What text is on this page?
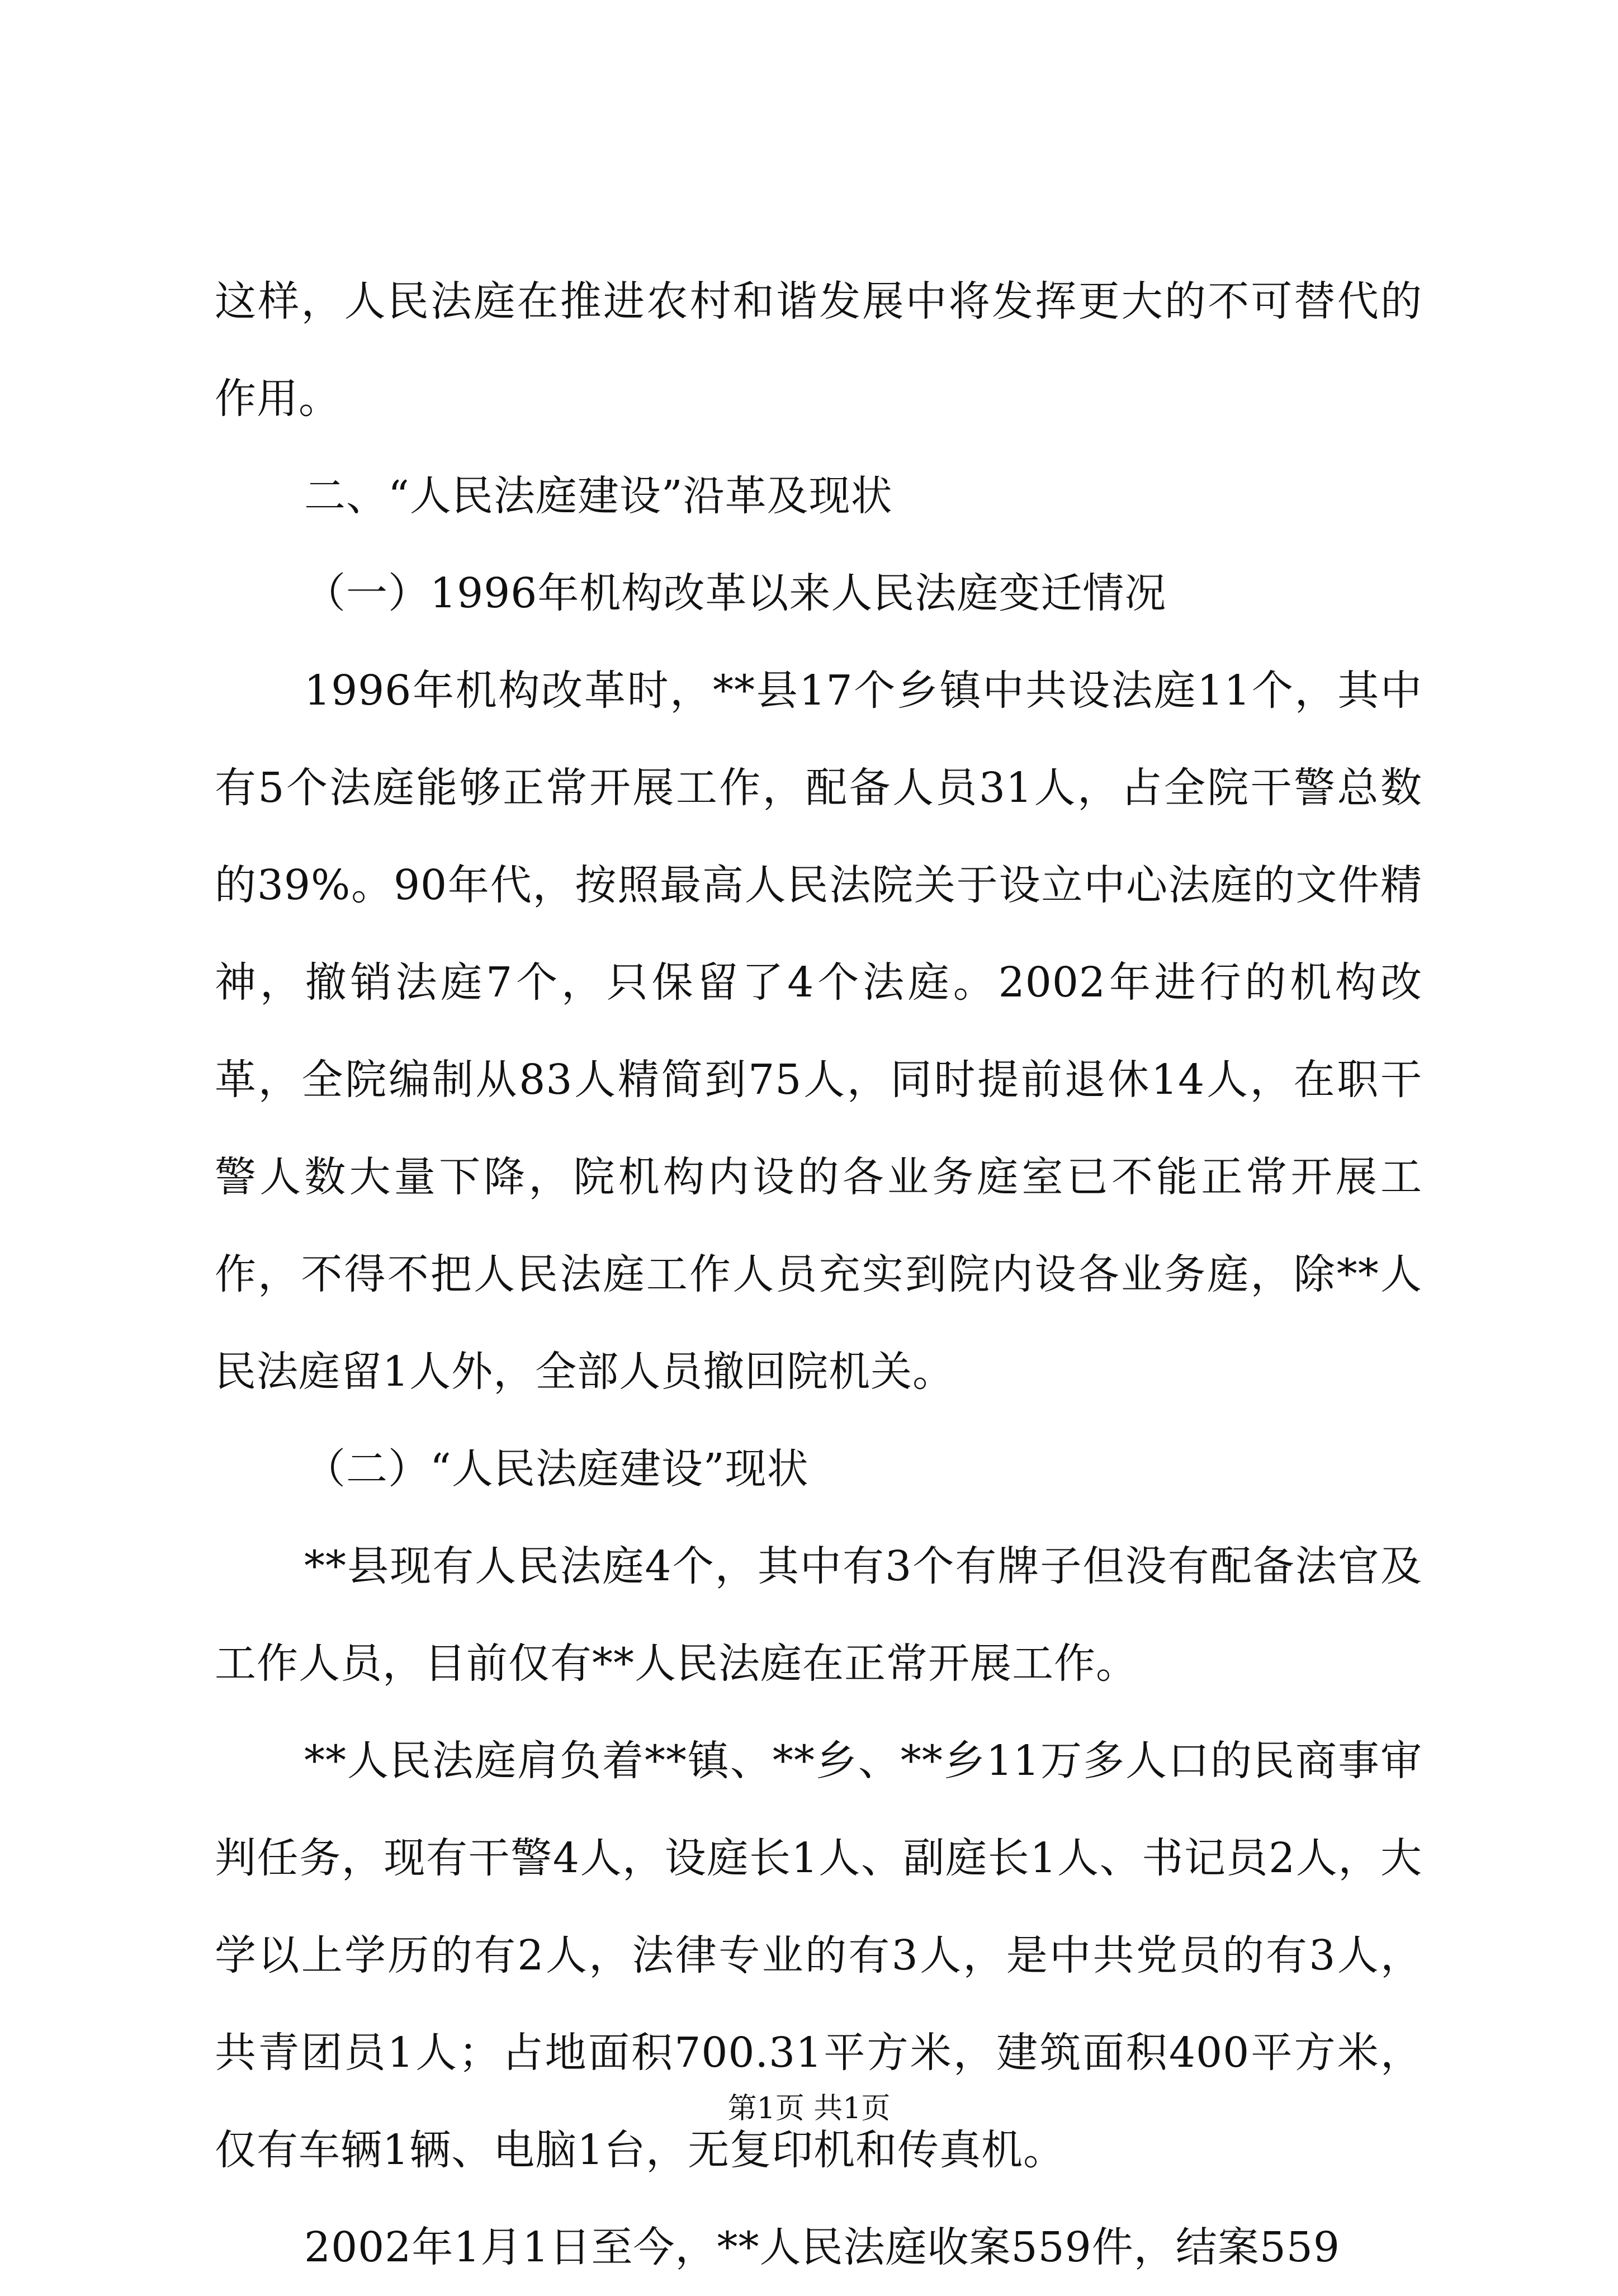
这样，人民法庭在推进农村和谐发展中将发挥更大的不可替代的作用。

二、“人民法庭建设”沿革及现状

（一）1996年机构改革以来人民法庭变迁情况

1996年机构改革时，**县17个乡镇中共设法庭11个，其中有5个法庭能够正常开展工作，配备人员31人，占全院干警总数的39%。90年代，按照最高人民法院关于设立中心法庭的文件精神，撤销法庭7个，只保留了4个法庭。2002年进行的机构改革，全院编制从83人精简到75人，同时提前退休14人，在职干警人数大量下降，院机构内设的各业务庭室已不能正常开展工作，不得不把人民法庭工作人员充实到院内设各业务庭，除**人民法庭留1人外，全部人员撤回院机关。

（二）“人民法庭建设”现状

**县现有人民法庭4个，其中有3个有牌子但没有配备法官及工作人员，目前仅有**人民法庭在正常开展工作。

**人民法庭肩负着**镇、**乡、**乡11万多人口的民商事审判任务，现有干警4人，设庭长1人、副庭长1人、书记员2人，大学以上学历的有2人，法律专业的有3人，是中共党员的有3人，共青团员1人；占地面积700.31平方米，建筑面积400平方米，仅有车辆1辆、电脑1台，无复印机和传真机。

2002年1月1日至今，**人民法庭收案559件，结案559

第1页 共1页
